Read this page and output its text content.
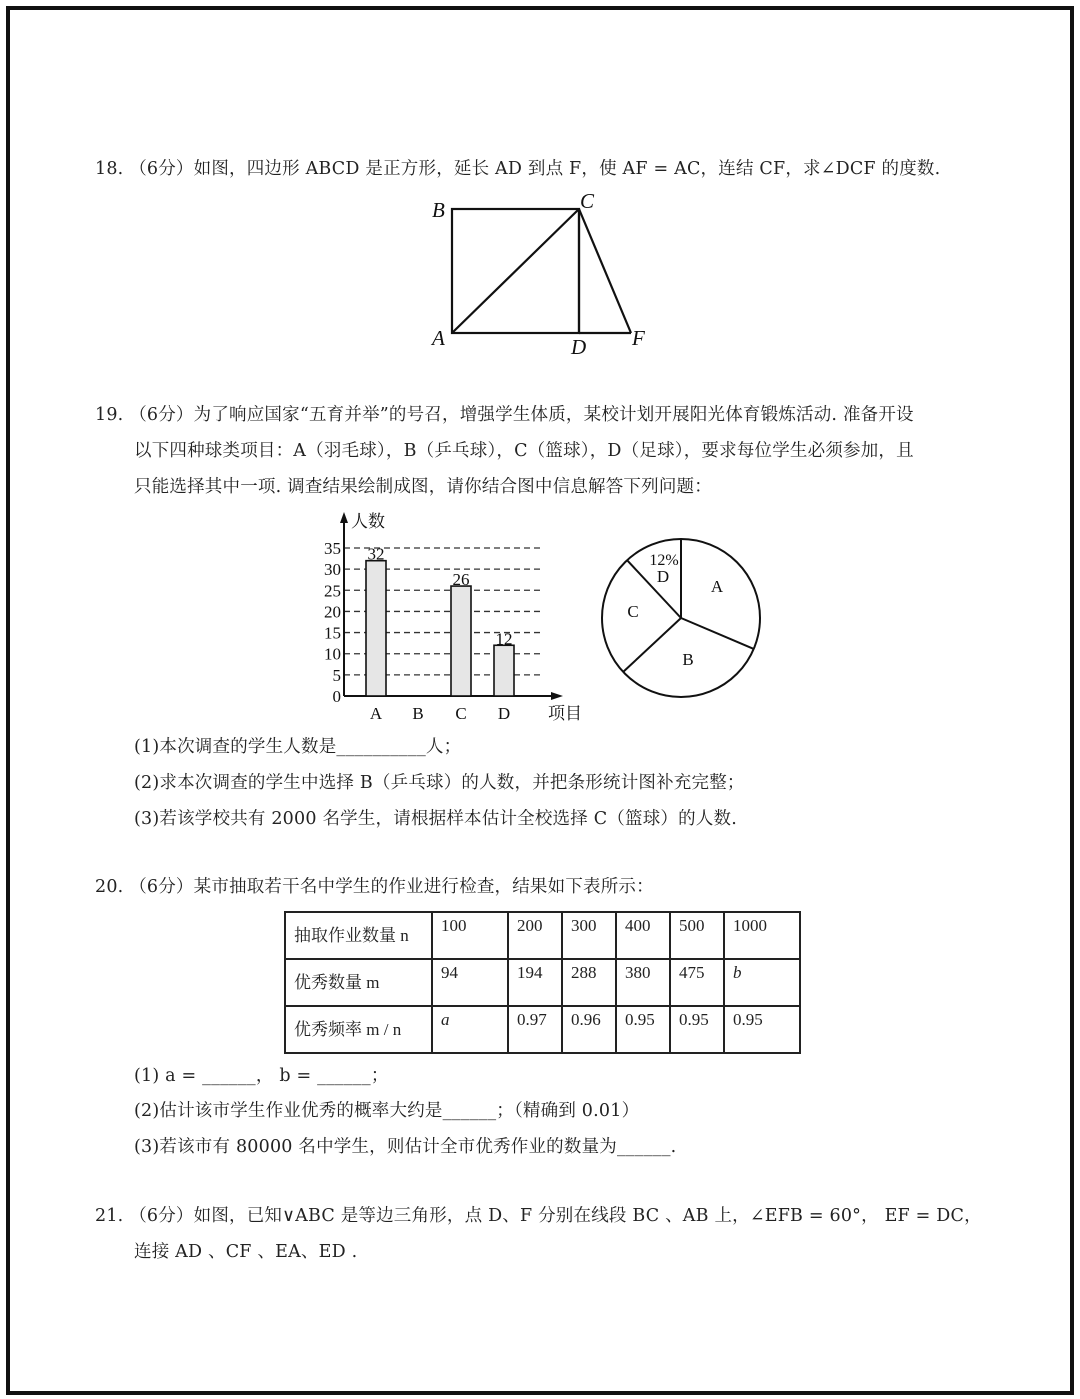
18. （6分）如图，四边形 ABCD 是正方形，延长 AD 到点 F，使 AF = AC，连结 CF，求∠DCF 的度数.
B	C
A	D F
19. （6分）为了响应国家“五育并举”的号召，增强学生体质，某校计划开展阳光体育锻炼活动. 准备开设
以下四种球类项目：A（羽毛球），B（乒乓球），C（篮球），D（足球），要求每位学生必须参加，且
只能选择其中一项. 调查结果绘制成图，请你结合图中信息解答下列问题：
人数
项目
0
5
10
15
20
25
30
35 32
26
12
A B C D
A
B
C
D
12%
(1)本次调查的学生人数是__________人；
(2)求本次调查的学生中选择 B（乒乓球）的人数，并把条形统计图补充完整；
(3)若该学校共有 2000 名学生，请根据样本估计全校选择 C（篮球）的人数.
20. （6分）某市抽取若干名中学生的作业进行检查，结果如下表所示：
抽取作业数量 n	100	200	300	400	500	1000
优秀数量 m	94	194	288	380	475	b
优秀频率 m / n	a	0.97	0.96	0.95	0.95	0.95
(1) a = ______， b = ______；
(2)估计该市学生作业优秀的概率大约是______；（精确到 0.01）
(3)若该市有 80000 名中学生，则估计全市优秀作业的数量为______.
21. （6分）如图，已知∨ABC 是等边三角形，点 D、F 分别在线段 BC 、AB 上，∠EFB = 60°， EF = DC，
连接 AD 、CF 、EA、ED .
